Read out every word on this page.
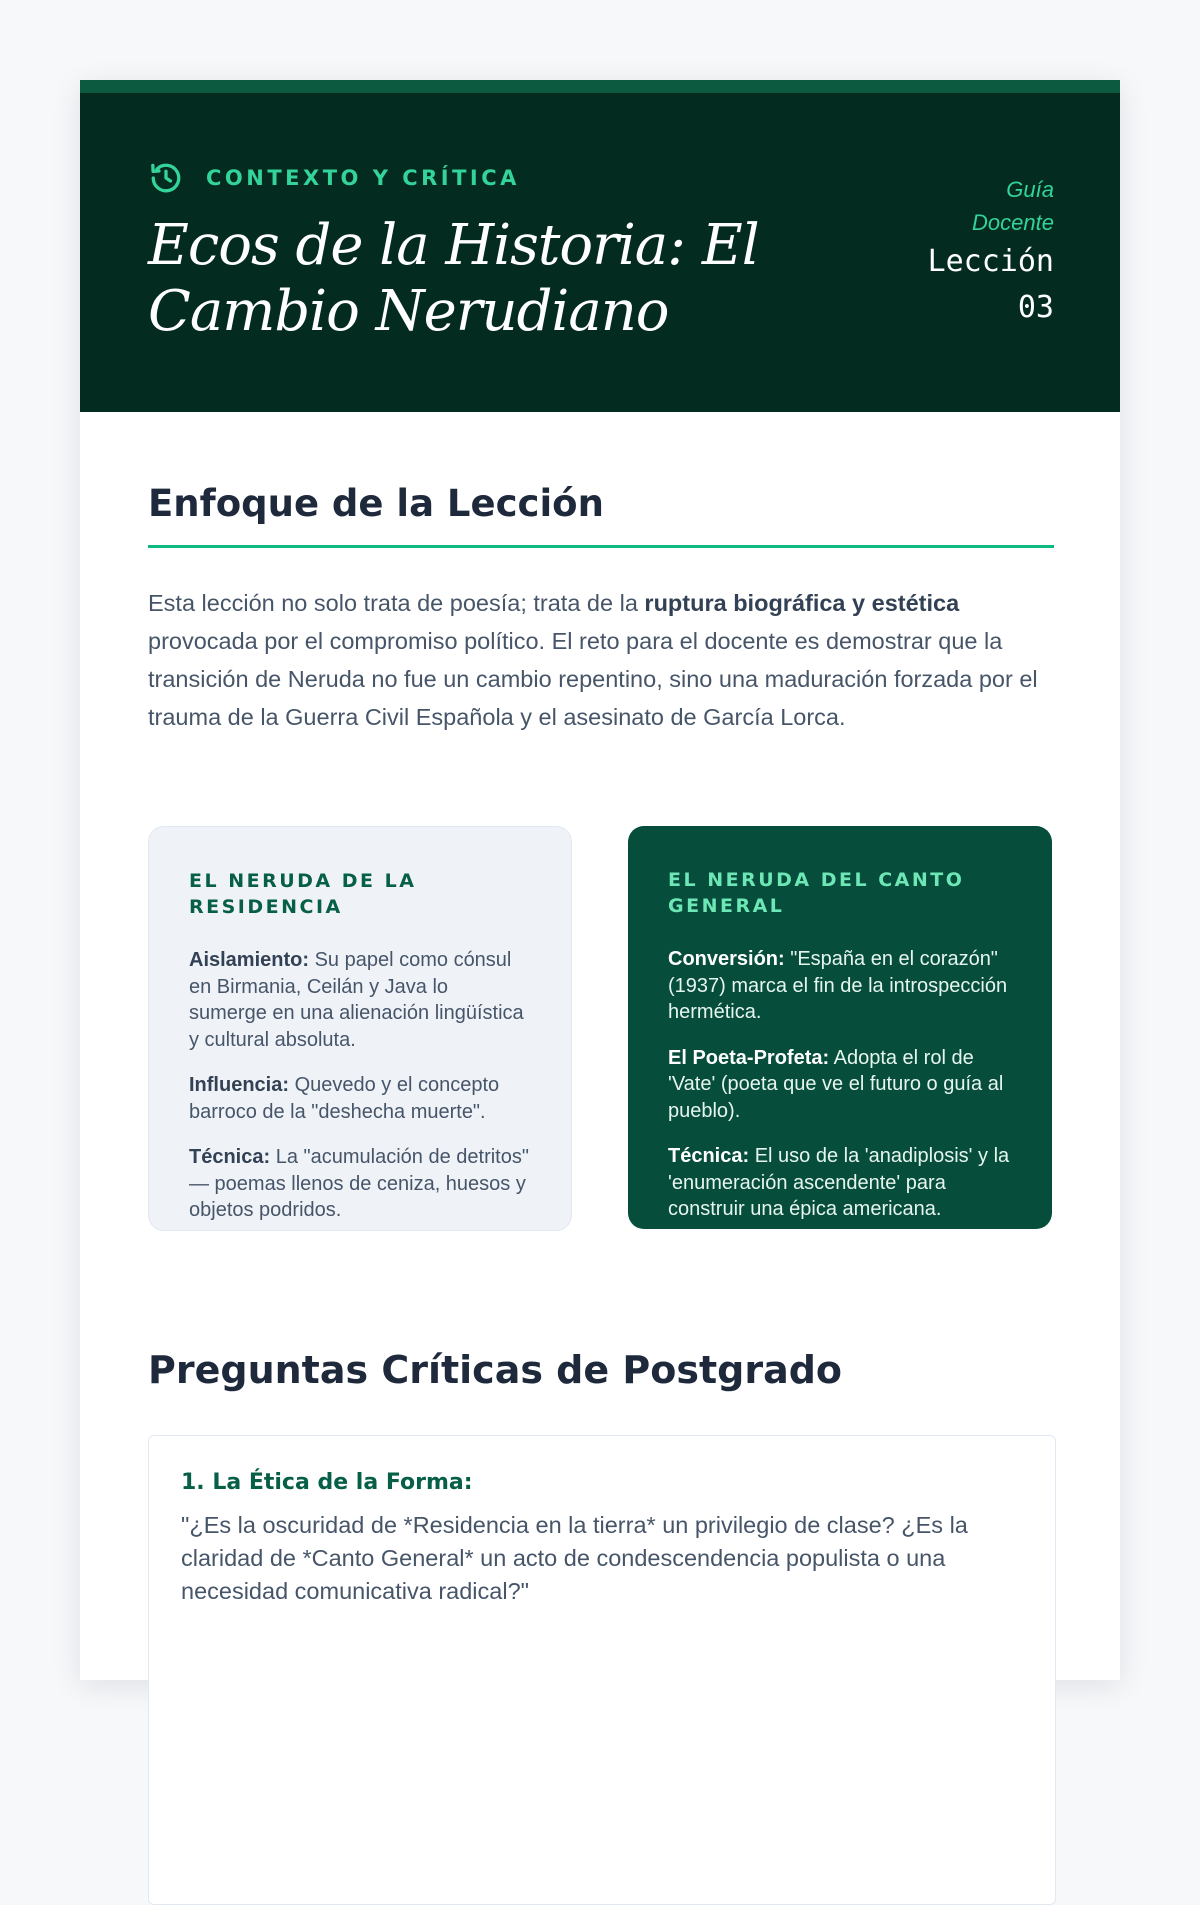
CONTEXTO Y CRÍTICA
Ecos de la Historia: El Cambio Nerudiano
Guía Docente
Lección 03
Enfoque de la Lección

Esta lección no solo trata de poesía; trata de la ruptura biográfica y estética provocada por el compromiso político. El reto para el docente es demostrar que la transición de Neruda no fue un cambio repentino, sino una maduración forzada por el trauma de la Guerra Civil Española y el asesinato de García Lorca.

EL NERUDA DE LA RESIDENCIA

Aislamiento: Su papel como cónsul en Birmania, Ceilán y Java lo sumerge en una alienación lingüística y cultural absoluta.

Influencia: Quevedo y el concepto barroco de la "deshecha muerte".

Técnica: La "acumulación de detritos" — poemas llenos de ceniza, huesos y objetos podridos.

EL NERUDA DEL CANTO GENERAL

Conversión: "España en el corazón" (1937) marca el fin de la introspección hermética.

El Poeta-Profeta: Adopta el rol de 'Vate' (poeta que ve el futuro o guía al pueblo).

Técnica: El uso de la 'anadiplosis' y la 'enumeración ascendente' para construir una épica americana.

Preguntas Críticas de Postgrado
1. La Ética de la Forma:

"¿Es la oscuridad de *Residencia en la tierra* un privilegio de clase? ¿Es la claridad de *Canto General* un acto de condescendencia populista o una necesidad comunicativa radical?"
